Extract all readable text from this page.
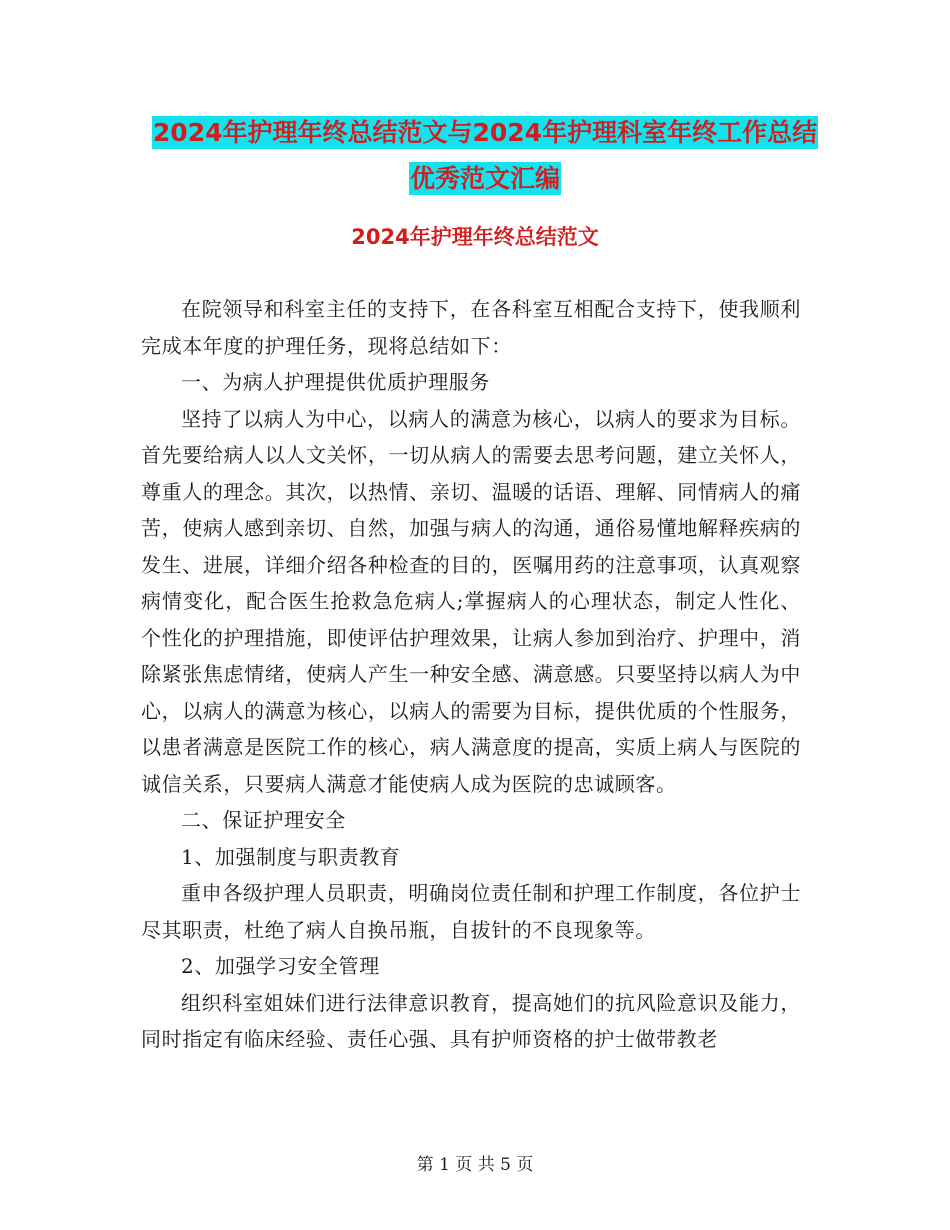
2024年护理年终总结范文与2024年护理科室年终工作总结优秀范文汇编
2024年护理年终总结范文

在院领导和科室主任的支持下，在各科室互相配合支持下，使我顺利完成本年度的护理任务，现将总结如下：

一、为病人护理提供优质护理服务

坚持了以病人为中心，以病人的满意为核心，以病人的要求为目标。首先要给病人以人文关怀，一切从病人的需要去思考问题，建立关怀人，尊重人的理念。其次，以热情、亲切、温暖的话语、理解、同情病人的痛苦，使病人感到亲切、自然，加强与病人的沟通，通俗易懂地解释疾病的发生、进展，详细介绍各种检查的目的，医嘱用药的注意事项，认真观察病情变化，配合医生抢救急危病人;掌握病人的心理状态，制定人性化、个性化的护理措施，即使评估护理效果，让病人参加到治疗、护理中，消除紧张焦虑情绪，使病人产生一种安全感、满意感。只要坚持以病人为中心，以病人的满意为核心，以病人的需要为目标，提供优质的个性服务，以患者满意是医院工作的核心，病人满意度的提高，实质上病人与医院的诚信关系，只要病人满意才能使病人成为医院的忠诚顾客。

二、保证护理安全

1、加强制度与职责教育

重申各级护理人员职责，明确岗位责任制和护理工作制度，各位护士尽其职责，杜绝了病人自换吊瓶，自拔针的不良现象等。

2、加强学习安全管理

组织科室姐妹们进行法律意识教育，提高她们的抗风险意识及能力，同时指定有临床经验、责任心强、具有护师资格的护士做带教老

第 1 页 共 5 页
